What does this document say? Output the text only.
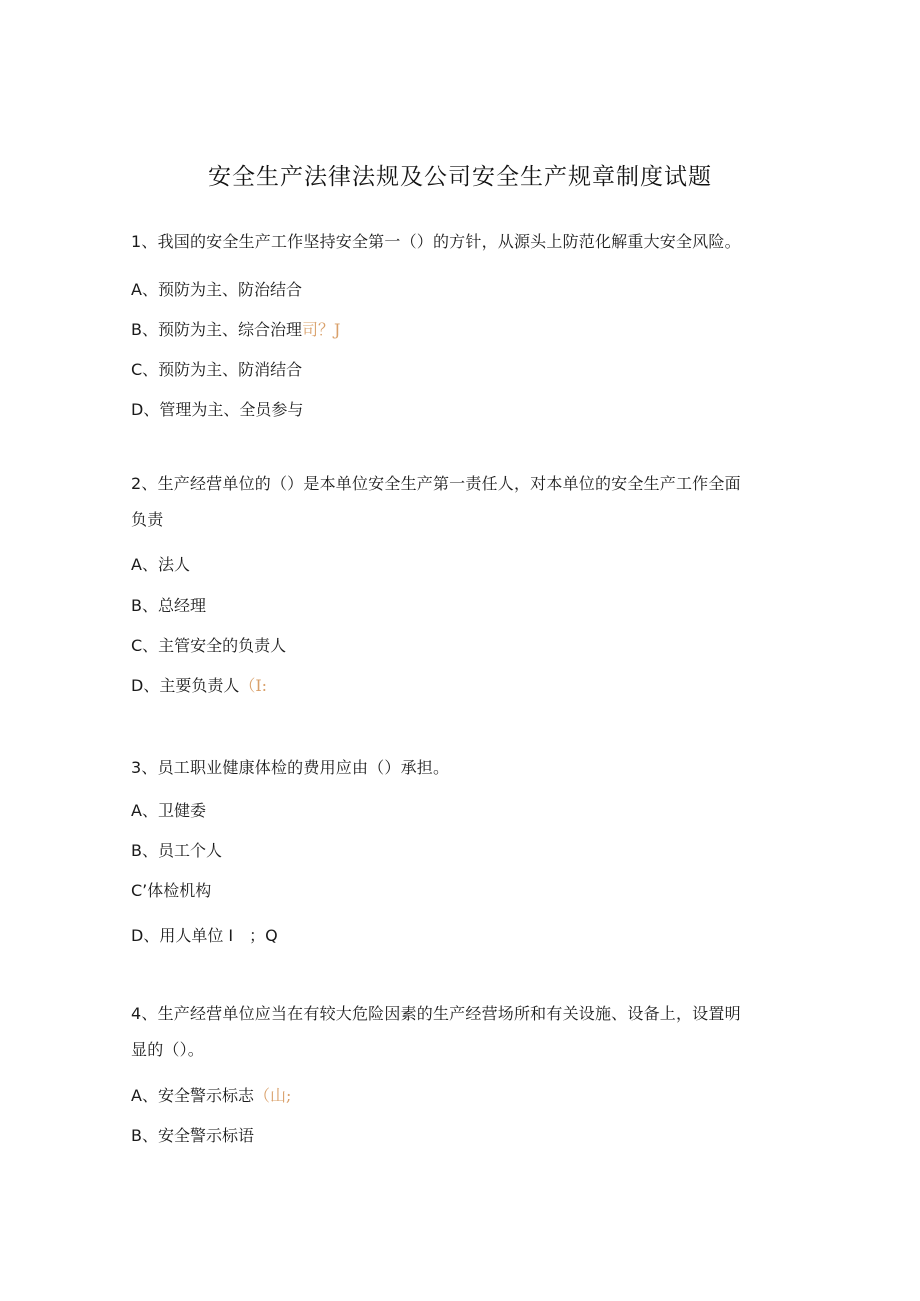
安全生产法律法规及公司安全生产规章制度试题
1、我国的安全生产工作坚持安全第一（）的方针，从源头上防范化解重大安全风险。
A、预防为主、防治结合
B、预防为主、综合治理司？J
C、预防为主、防消结合
D、管理为主、全员参与
2、生产经营单位的（）是本单位安全生产第一责任人，对本单位的安全生产工作全面
负责
A、法人
B、总经理
C、主管安全的负责人
D、主要负责人（I:
3、员工职业健康体检的费用应由（）承担。
A、卫健委
B、员工个人
C’体检机构
D、用人单位 I　；Q
4、生产经营单位应当在有较大危险因素的生产经营场所和有关设施、设备上，设置明
显的（）。
A、安全警示标志（山;
B、安全警示标语
